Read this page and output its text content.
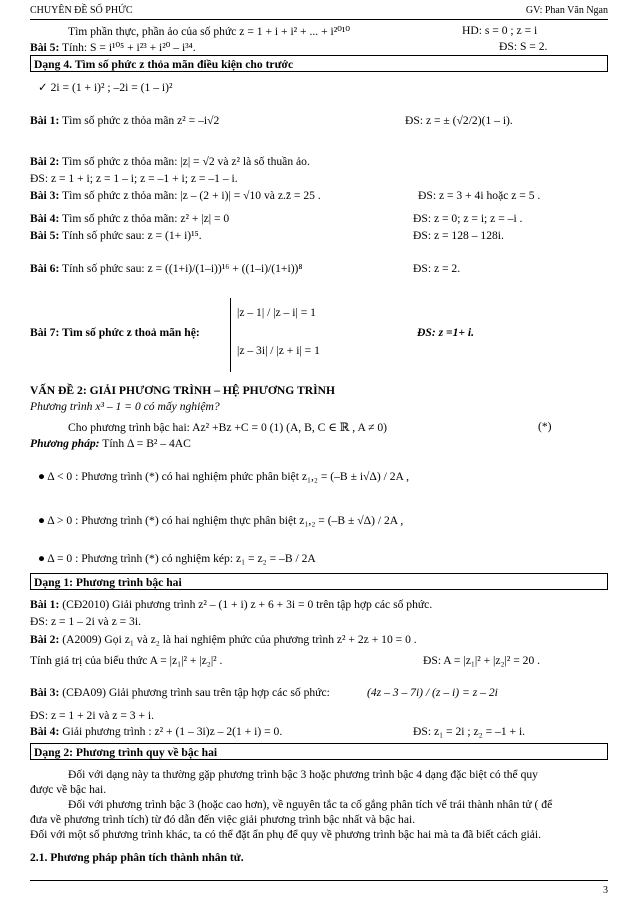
CHUYÊN ĐỀ SỐ PHỨC	GV: Phan Văn Ngan
Tìm phần thực, phần ảo của số phức z = 1 + i + i² + ... + i²⁰¹⁰	HD: s = 0 ; z = i
Bài 5: Tính: S = i¹⁰⁵ + i²³ + i²⁰ – i³⁴.	ĐS: S = 2.
Dạng 4. Tìm số phức z thỏa mãn điều kiện cho trước
✓ 2i = (1 + i)² ; –2i = (1 – i)²
Bài 1: Tìm số phức z thỏa mãn z² = –i√2	ĐS: z = ± (√2/2)(1 – i).
Bài 2: Tìm số phức z thỏa mãn: |z| = √2 và z² là số thuần ảo.
ĐS: z = 1 + i; z = 1 – i; z = –1 + i; z = –1 – i.
Bài 3: Tìm số phức z thỏa mãn: |z – (2 + i)| = √10 và z.z̄ = 25 .	ĐS: z = 3 + 4i hoặc z = 5 .
Bài 4: Tìm số phức z thỏa mãn: z² + |z| = 0	ĐS: z = 0; z = i; z = –i .
Bài 5: Tính số phức sau: z = (1+ i)¹⁵.	ĐS: z = 128 – 128i.
Bài 6: Tính số phức sau: z = ((1+i)/(1–i))¹⁶ + ((1–i)/(1+i))⁸	ĐS: z = 2.
Bài 7: Tìm số phức z thoả mãn hệ:
|z – 1| / |z – i| = 1
|z – 3i| / |z + i| = 1
ĐS: z =1+ i.
VẤN ĐỀ 2: GIẢI PHƯƠNG TRÌNH – HỆ PHƯƠNG TRÌNH
Phương trình x³ – 1 = 0 có mấy nghiệm?
Cho phương trình bậc hai: Az² +Bz +C = 0 (1) (A, B, C ∈ ℝ , A ≠ 0)	(*)
Phương pháp: Tính Δ = B² – 4AC
● Δ < 0 : Phương trình (*) có hai nghiệm phức phân biệt z₁,₂ = (–B ± i√Δ) / 2A ,
● Δ > 0 : Phương trình (*) có hai nghiệm thực phân biệt z₁,₂ = (–B ± √Δ) / 2A ,
● Δ = 0 : Phương trình (*) có nghiệm kép: z₁ = z₂ = –B / 2A
Dạng 1: Phương trình bậc hai
Bài 1: (CĐ2010) Giải phương trình z² – (1 + i) z + 6 + 3i = 0 trên tập hợp các số phức.
ĐS: z = 1 – 2i và z = 3i.
Bài 2: (A2009) Gọi z₁ và z₂ là hai nghiệm phức của phương trình z² + 2z + 10 = 0 .
Tính giá trị của biểu thức A = |z₁|² + |z₂|² .	ĐS: A = |z₁|² + |z₂|² = 20 .
Bài 3: (CĐA09) Giải phương trình sau trên tập hợp các số phức:	(4z – 3 – 7i) / (z – i) = z – 2i
ĐS: z = 1 + 2i và z = 3 + i.
Bài 4: Giải phương trình : z² + (1 – 3i)z – 2(1 + i) = 0.	ĐS: z₁ = 2i ; z₂ = –1 + i.
Dạng 2: Phương trình quy về bậc hai
Đối với dạng này ta thường gặp phương trình bậc 3 hoặc phương trình bậc 4 dạng đặc biệt có thể quy
được về bậc hai.
Đối với phương trình bậc 3 (hoặc cao hơn), về nguyên tắc ta cố gắng phân tích vế trái thành nhân tử ( để
đưa về phương trình tích) từ đó dẫn đến việc giải phương trình bậc nhất và bậc hai.
Đối với một số phương trình khác, ta có thể đặt ẩn phụ để quy về phương trình bậc hai mà ta đã biết cách giải.
2.1. Phương pháp phân tích thành nhân tử.
3
